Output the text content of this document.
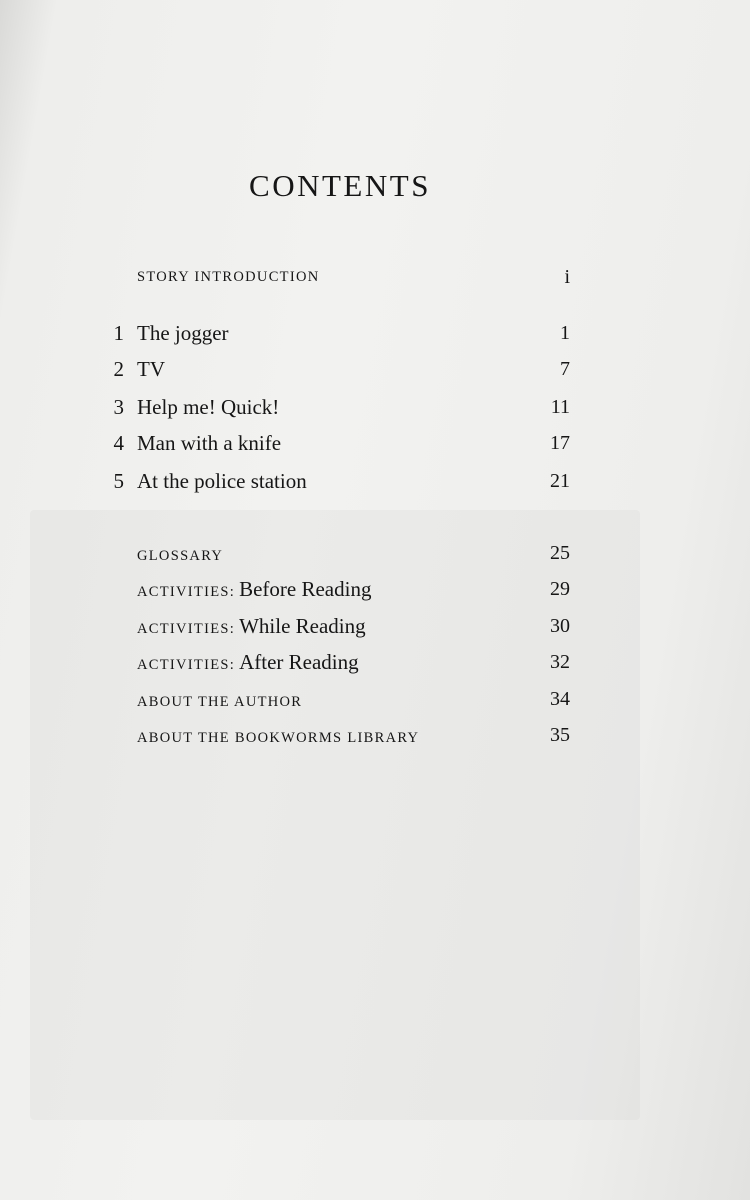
CONTENTS
STORY INTRODUCTION	i
1 The jogger	1
2 TV	7
3 Help me! Quick!	11
4 Man with a knife	17
5 At the police station	21
GLOSSARY	25
ACTIVITIES: Before Reading	29
ACTIVITIES: While Reading	30
ACTIVITIES: After Reading	32
ABOUT THE AUTHOR	34
ABOUT THE BOOKWORMS LIBRARY	35
